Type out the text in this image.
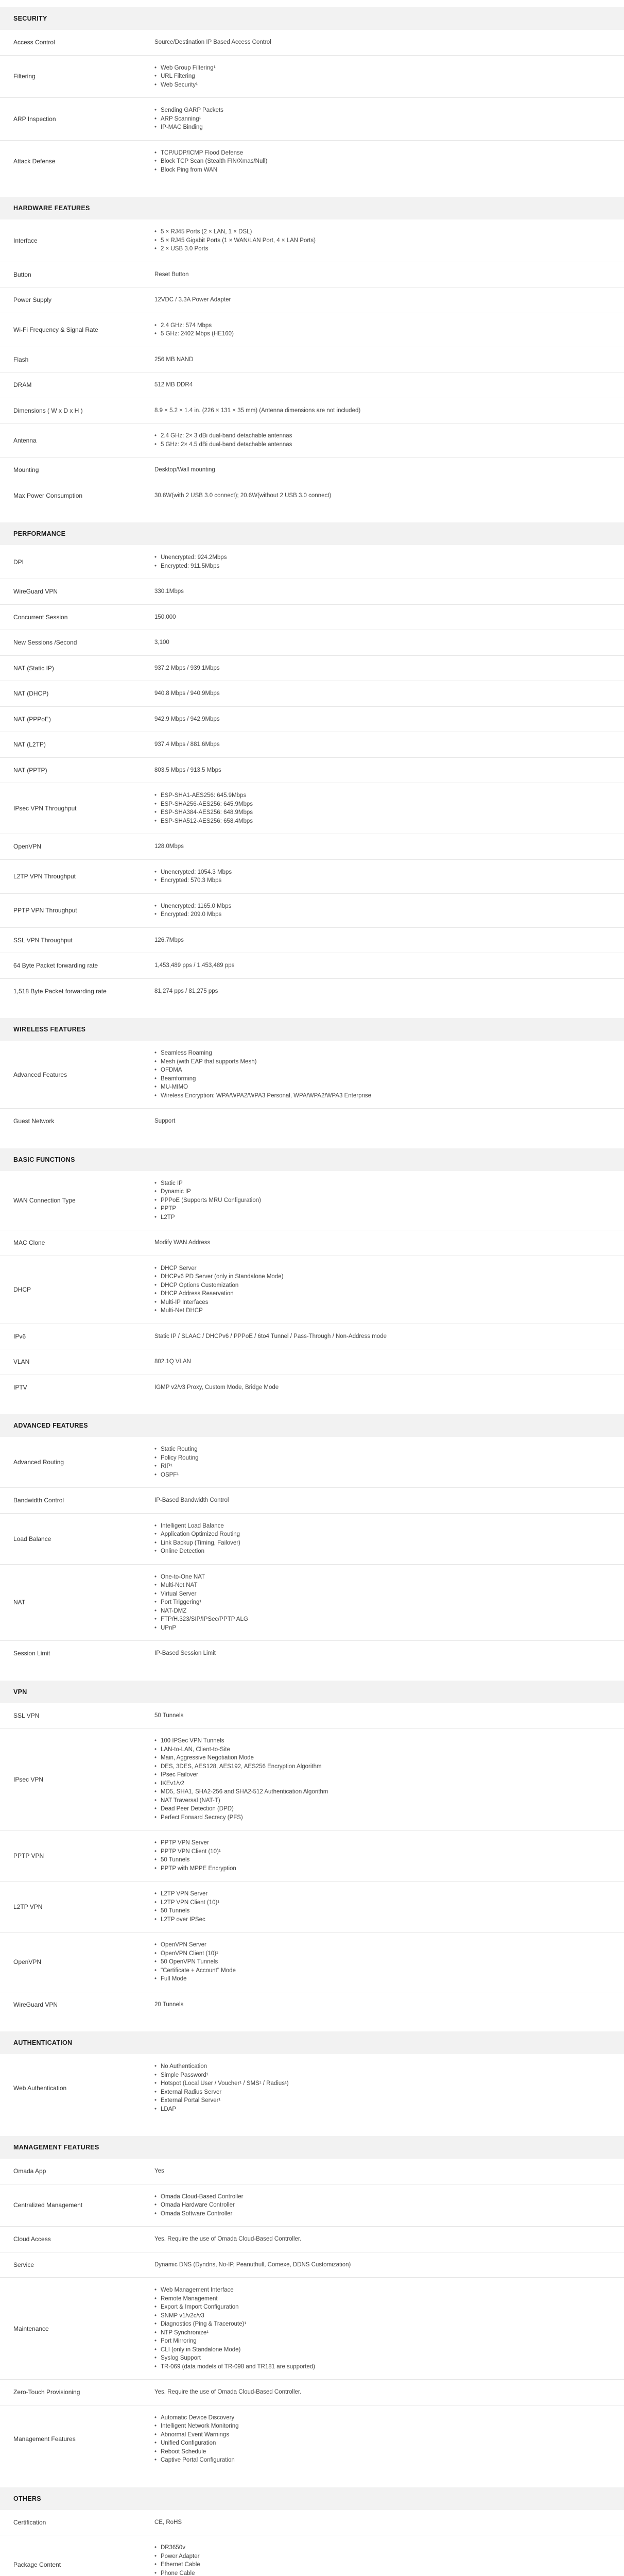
SECURITY
Access Control	Source/Destination IP Based Access Control
Filtering
• Web Group Filtering¹
• URL Filtering
• Web Security¹
ARP Inspection
• Sending GARP Packets
• ARP Scanning¹
• IP-MAC Binding
Attack Defense
• TCP/UDP/ICMP Flood Defense
• Block TCP Scan (Stealth FIN/Xmas/Null)
• Block Ping from WAN
HARDWARE FEATURES
Interface
• 5 × RJ45 Ports (2 × LAN, 1 × DSL)
• 5 × RJ45 Gigabit Ports (1 × WAN/LAN Port, 4 × LAN Ports)
• 2 × USB 3.0 Ports
Button	Reset Button
Power Supply	12VDC / 3.3A Power Adapter
Wi-Fi Frequency & Signal Rate
• 2.4 GHz: 574 Mbps
• 5 GHz: 2402 Mbps (HE160)
Flash	256 MB NAND
DRAM	512 MB DDR4
Dimensions ( W x D x H )	8.9 × 5.2 × 1.4 in. (226 × 131 × 35 mm) (Antenna dimensions are not included)
Antenna
• 2.4 GHz: 2× 3 dBi dual-band detachable antennas
• 5 GHz: 2× 4.5 dBi dual-band detachable antennas
Mounting	Desktop/Wall mounting
Max Power Consumption	30.6W(with 2 USB 3.0 connect); 20.6W(without 2 USB 3.0 connect)
PERFORMANCE
DPI
• Unencrypted: 924.2Mbps
• Encrypted: 911.5Mbps
WireGuard VPN	330.1Mbps
Concurrent Session	150,000
New Sessions /Second	3,100
NAT (Static IP)	937.2 Mbps / 939.1Mbps
NAT (DHCP)	940.8 Mbps / 940.9Mbps
NAT (PPPoE)	942.9 Mbps / 942.9Mbps
NAT (L2TP)	937.4 Mbps / 881.6Mbps
NAT (PPTP)	803.5 Mbps / 913.5 Mbps
IPsec VPN Throughput
• ESP-SHA1-AES256: 645.9Mbps
• ESP-SHA256-AES256: 645.9Mbps
• ESP-SHA384-AES256: 648.9Mbps
• ESP-SHA512-AES256: 658.4Mbps
OpenVPN	128.0Mbps
L2TP VPN Throughput
• Unencrypted: 1054.3 Mbps
• Encrypted: 570.3 Mbps
PPTP VPN Throughput
• Unencrypted: 1165.0 Mbps
• Encrypted: 209.0 Mbps
SSL VPN Throughput	126.7Mbps
64 Byte Packet forwarding rate	1,453,489 pps / 1,453,489 pps
1,518 Byte Packet forwarding rate	81,274 pps / 81,275 pps
WIRELESS FEATURES
Advanced Features
• Seamless Roaming
• Mesh (with EAP that supports Mesh)
• OFDMA
• Beamforming
• MU-MIMO
• Wireless Encryption: WPA/WPA2/WPA3 Personal, WPA/WPA2/WPA3 Enterprise
Guest Network	Support
BASIC FUNCTIONS
WAN Connection Type
• Static IP
• Dynamic IP
• PPPoE (Supports MRU Configuration)
• PPTP
• L2TP
MAC Clone	Modify WAN Address
DHCP
• DHCP Server
• DHCPv6 PD Server (only in Standalone Mode)
• DHCP Options Customization
• DHCP Address Reservation
• Multi-IP Interfaces
• Multi-Net DHCP
IPv6	Static IP / SLAAC / DHCPv6 / PPPoE / 6to4 Tunnel / Pass-Through / Non-Address mode
VLAN	802.1Q VLAN
IPTV	IGMP v2/v3 Proxy, Custom Mode, Bridge Mode
ADVANCED FEATURES
Advanced Routing
• Static Routing
• Policy Routing
• RIP¹
• OSPF¹
Bandwidth Control	IP-Based Bandwidth Control
Load Balance
• Intelligent Load Balance
• Application Optimized Routing
• Link Backup (Timing, Failover)
• Online Detection
NAT
• One-to-One NAT
• Multi-Net NAT
• Virtual Server
• Port Triggering¹
• NAT-DMZ
• FTP/H.323/SIP/IPSec/PPTP ALG
• UPnP
Session Limit	IP-Based Session Limit
VPN
SSL VPN	50 Tunnels
IPsec VPN
• 100 IPSec VPN Tunnels
• LAN-to-LAN, Client-to-Site
• Main, Aggressive Negotiation Mode
• DES, 3DES, AES128, AES192, AES256 Encryption Algorithm
• IPsec Failover
• IKEv1/v2
• MD5, SHA1, SHA2-256 and SHA2-512 Authentication Algorithm
• NAT Traversal (NAT-T)
• Dead Peer Detection (DPD)
• Perfect Forward Secrecy (PFS)
PPTP VPN
• PPTP VPN Server
• PPTP VPN Client (10)¹
• 50 Tunnels
• PPTP with MPPE Encryption
L2TP VPN
• L2TP VPN Server
• L2TP VPN Client (10)¹
• 50 Tunnels
• L2TP over IPSec
OpenVPN
• OpenVPN Server
• OpenVPN Client (10)¹
• 50 OpenVPN Tunnels
• "Certificate + Account" Mode
• Full Mode
WireGuard VPN	20 Tunnels
AUTHENTICATION
Web Authentication
• No Authentication
• Simple Password¹
• Hotspot (Local User / Voucher¹ / SMS¹ / Radius¹)
• External Radius Server
• External Portal Server¹
• LDAP
MANAGEMENT FEATURES
Omada App	Yes
Centralized Management
• Omada Cloud-Based Controller
• Omada Hardware Controller
• Omada Software Controller
Cloud Access	Yes. Require the use of Omada Cloud-Based Controller.
Service	Dynamic DNS (Dyndns, No-IP, Peanuthull, Comexe, DDNS Customization)
Maintenance
• Web Management Interface
• Remote Management
• Export & Import Configuration
• SNMP v1/v2c/v3
• Diagnostics (Ping & Traceroute)¹
• NTP Synchronize¹
• Port Mirroring
• CLI (only in Standalone Mode)
• Syslog Support
• TR-069 (data models of TR-098 and TR181 are supported)
Zero-Touch Provisioning	Yes. Require the use of Omada Cloud-Based Controller.
Management Features
• Automatic Device Discovery
• Intelligent Network Monitoring
• Abnormal Event Warnings
• Unified Configuration
• Reboot Schedule
• Captive Portal Configuration
OTHERS
Certification	CE, RoHS
Package Content
• DR3650v
• Power Adapter
• Ethernet Cable
• Phone Cable
